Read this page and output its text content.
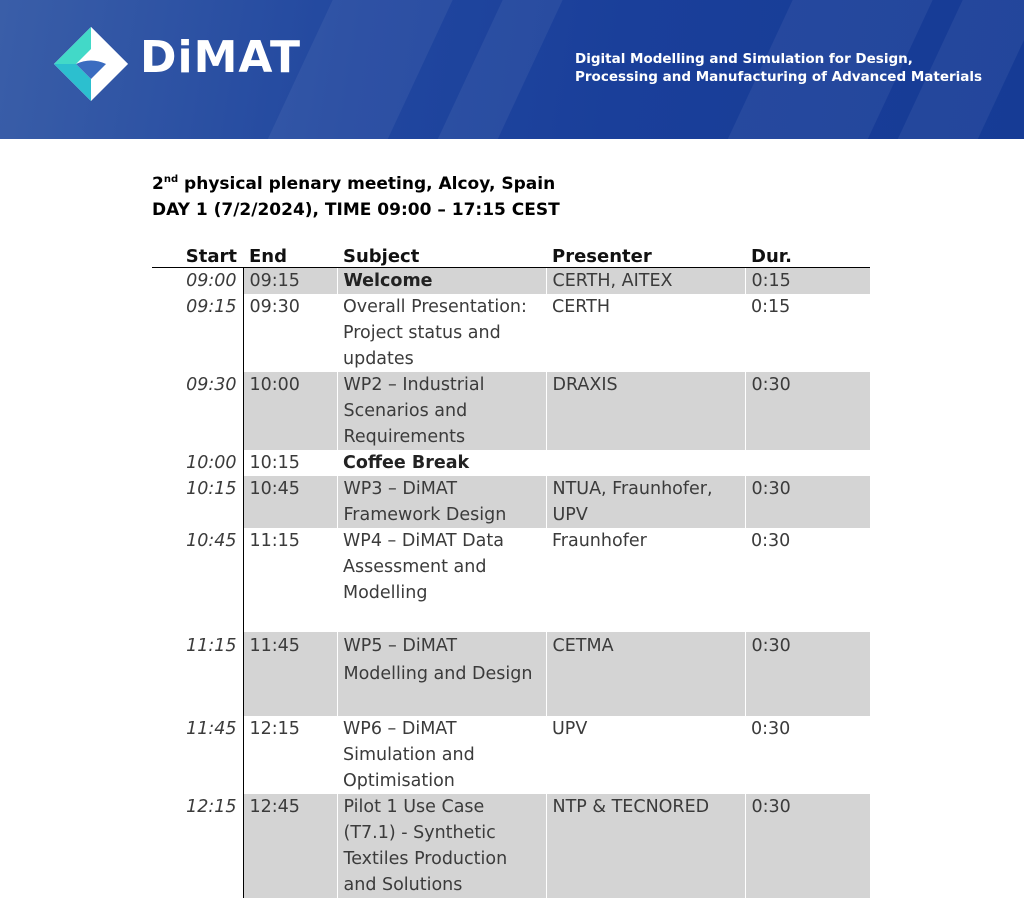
DiMAT	Digital Modelling and Simulation for Design,
Processing and Manufacturing of Advanced Materials
2nd physical plenary meeting, Alcoy, Spain
DAY 1 (7/2/2024), TIME 09:00 – 17:15 CEST
Start	End	Subject	Presenter	Dur.
09:00	09:15	Welcome	CERTH, AITEX	0:15
09:15	09:30	Overall Presentation: Project status and updates	CERTH	0:15
09:30	10:00	WP2 – Industrial Scenarios and Requirements	DRAXIS	0:30
10:00	10:15	Coffee Break		
10:15	10:45	WP3 – DiMAT Framework Design	NTUA, Fraunhofer, UPV	0:30
10:45	11:15	WP4 – DiMAT Data Assessment and Modelling	Fraunhofer	0:30
11:15	11:45	WP5 – DiMAT Modelling and Design	CETMA	0:30
11:45	12:15	WP6 – DiMAT Simulation and Optimisation	UPV	0:30
12:15	12:45	Pilot 1 Use Case (T7.1) - Synthetic Textiles Production and Solutions	NTP & TECNORED	0:30
